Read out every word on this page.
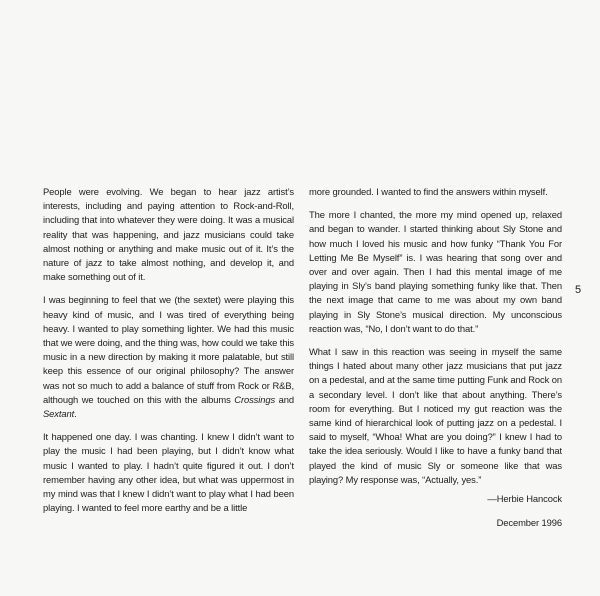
People were evolving. We began to hear jazz artist’s interests, including and paying attention to Rock-and-Roll, including that into whatever they were doing. It was a musical reality that was happening, and jazz musicians could take almost nothing or anything and make music out of it. It’s the nature of jazz to take almost nothing, and develop it, and make something out of it.

I was beginning to feel that we (the sextet) were playing this heavy kind of music, and I was tired of everything being heavy. I wanted to play something lighter. We had this music that we were doing, and the thing was, how could we take this music in a new direction by making it more palatable, but still keep this essence of our original philosophy? The answer was not so much to add a balance of stuff from Rock or R&B, although we touched on this with the albums Crossings and Sextant.

It happened one day. I was chanting. I knew I didn’t want to play the music I had been playing, but I didn’t know what music I wanted to play. I hadn’t quite figured it out. I don’t remember having any other idea, but what was uppermost in my mind was that I knew I didn’t want to play what I had been playing. I wanted to feel more earthy and be a little

more grounded. I wanted to find the answers within myself.

The more I chanted, the more my mind opened up, relaxed and began to wander. I started thinking about Sly Stone and how much I loved his music and how funky “Thank You For Letting Me Be Myself” is. I was hearing that song over and over and over again. Then I had this mental image of me playing in Sly’s band playing something funky like that. Then the next image that came to me was about my own band playing in Sly Stone’s musical direction. My unconscious reaction was, “No, I don’t want to do that.”

What I saw in this reaction was seeing in myself the same things I hated about many other jazz musicians that put jazz on a pedestal, and at the same time putting Funk and Rock on a secondary level. I don’t like that about anything. There’s room for everything. But I noticed my gut reaction was the same kind of hierarchical look of putting jazz on a pedestal. I said to myself, “Whoa! What are you doing?” I knew I had to take the idea seriously. Would I like to have a funky band that played the kind of music Sly or someone like that was playing? My response was, “Actually, yes.”

—Herbie Hancock

December 1996

5
